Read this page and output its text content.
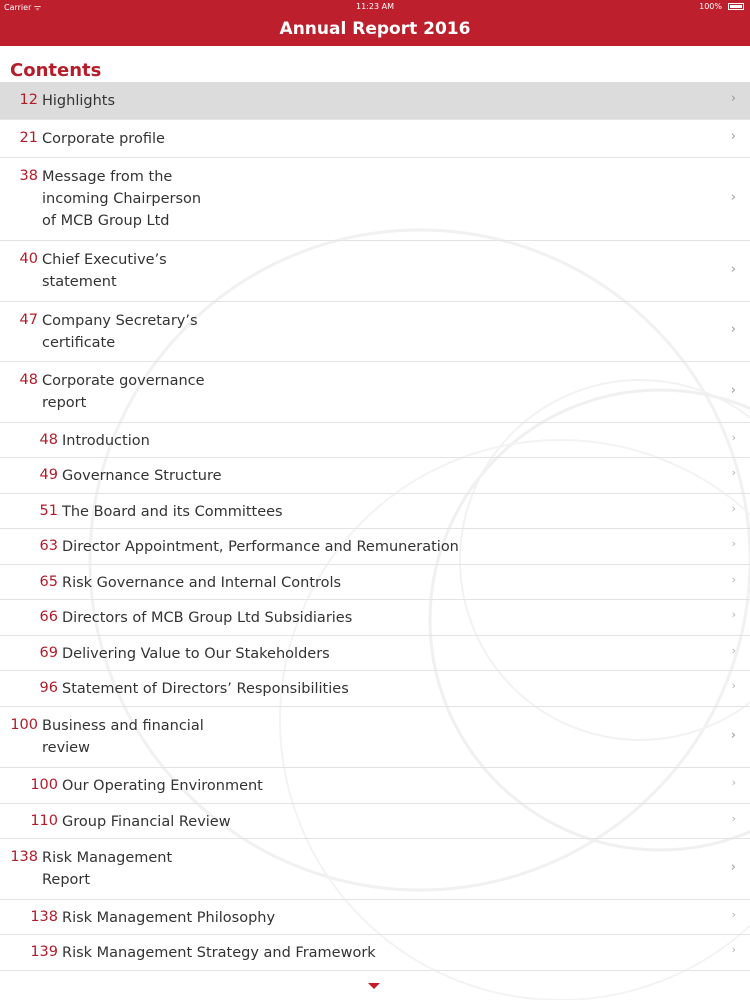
Carrier ᯤ	11:23 AM	100%
Annual Report 2016
Contents
12 Highlights	›
21 Corporate profile	›
38 Message from the
incoming Chairperson
of MCB Group Ltd
›
40 Chief Executive’s
statement
›
47 Company Secretary’s
certificate
›
48 Corporate governance
report
›
48 Introduction	›
49 Governance Structure	›
51 The Board and its Committees	›
63 Director Appointment, Performance and Remuneration	›
65 Risk Governance and Internal Controls	›
66 Directors of MCB Group Ltd Subsidiaries	›
69 Delivering Value to Our Stakeholders	›
96 Statement of Directors’ Responsibilities	›
100 Business and financial
review
›
100 Our Operating Environment	›
110 Group Financial Review	›
138 Risk Management
Report
›
138 Risk Management Philosophy	›
139 Risk Management Strategy and Framework	›
